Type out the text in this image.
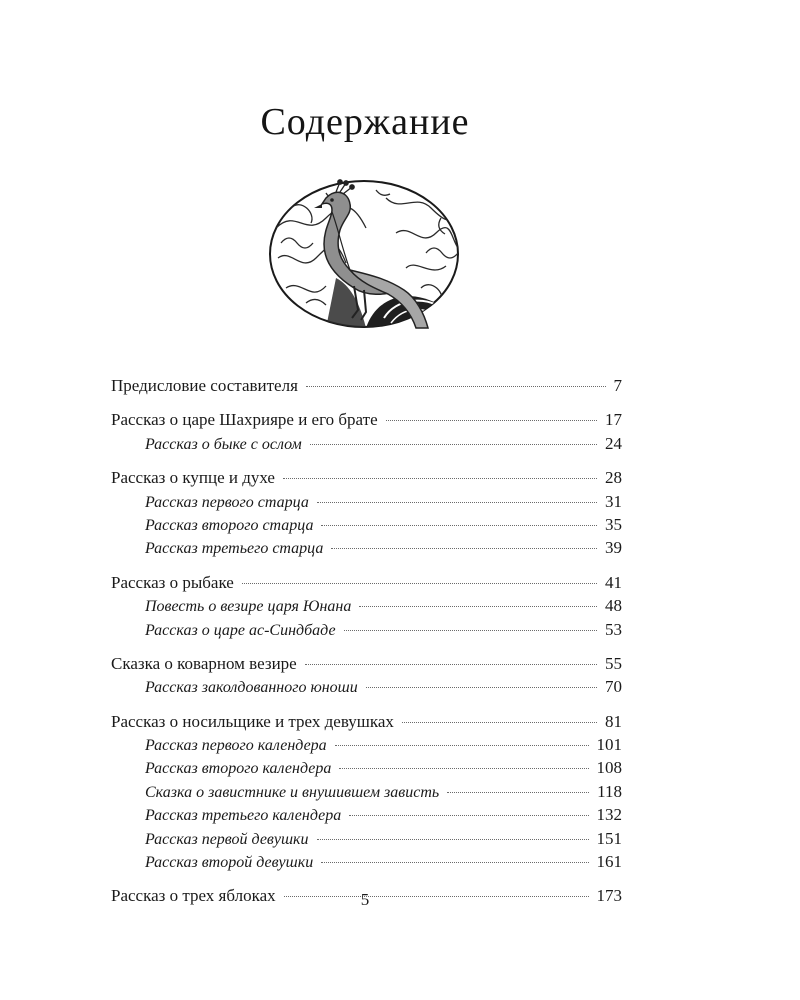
Содержание
Предисловие составителя	7
Рассказ о царе Шахрияре и его брате	17
Рассказ о быке с ослом	24
Рассказ о купце и духе	28
Рассказ первого старца	31
Рассказ второго старца	35
Рассказ третьего старца	39
Рассказ о рыбаке	41
Повесть о везире царя Юнана	48
Рассказ о царе ас-Синдбаде	53
Сказка о коварном везире	55
Рассказ заколдованного юноши	70
Рассказ о носильщике и трех девушках	81
Рассказ первого календера	101
Рассказ второго календера	108
Сказка о завистнике и внушившем зависть	118
Рассказ третьего календера	132
Рассказ первой девушки	151
Рассказ второй девушки	161
Рассказ о трех яблоках	173
5
